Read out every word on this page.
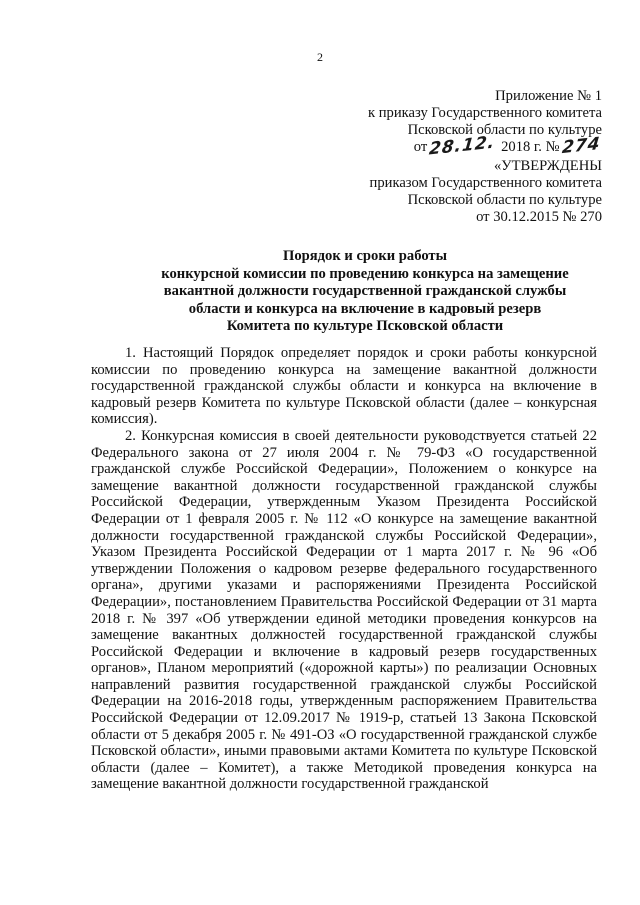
2
Приложение № 1
к приказу Государственного комитета
Псковской области по культуре
от28.12. 2018 г. №274
«УТВЕРЖДЕНЫ
приказом Государственного комитета
Псковской области по культуре
от 30.12.2015 № 270
Порядок и сроки работы
конкурсной комиссии по проведению конкурса на замещение
вакантной должности государственной гражданской службы
области и конкурса на включение в кадровый резерв
Комитета по культуре Псковской области

1. Настоящий Порядок определяет порядок и сроки работы конкурсной комиссии по проведению конкурса на замещение вакантной должности государственной гражданской службы области и конкурса на включение в кадровый резерв Комитета по культуре Псковской области (далее – конкурсная комиссия).

2. Конкурсная комиссия в своей деятельности руководствуется статьей 22 Федерального закона от 27 июля 2004 г. № 79-ФЗ «О государственной гражданской службе Российской Федерации», Положением о конкурсе на замещение вакантной должности государственной гражданской службы Российской Федерации, утвержденным Указом Президента Российской Федерации от 1 февраля 2005 г. № 112 «О конкурсе на замещение вакантной должности государственной гражданской службы Российской Федерации», Указом Президента Российской Федерации от 1 марта 2017 г. № 96 «Об утверждении Положения о кадровом резерве федерального государственного органа», другими указами и распоряжениями Президента Российской Федерации», постановлением Правительства Российской Федерации от 31 марта 2018 г. № 397 «Об утверждении единой методики проведения конкурсов на замещение вакантных должностей государственной гражданской службы Российской Федерации и включение в кадровый резерв государственных органов», Планом мероприятий («дорожной карты») по реализации Основных направлений развития государственной гражданской службы Российской Федерации на 2016-2018 годы, утвержденным распоряжением Правительства Российской Федерации от 12.09.2017 № 1919-р, статьей 13 Закона Псковской области от 5 декабря 2005 г. № 491-ОЗ «О государственной гражданской службе Псковской области», иными правовыми актами Комитета по культуре Псковской области (далее – Комитет), а также Методикой проведения конкурса на замещение вакантной должности государственной гражданской
